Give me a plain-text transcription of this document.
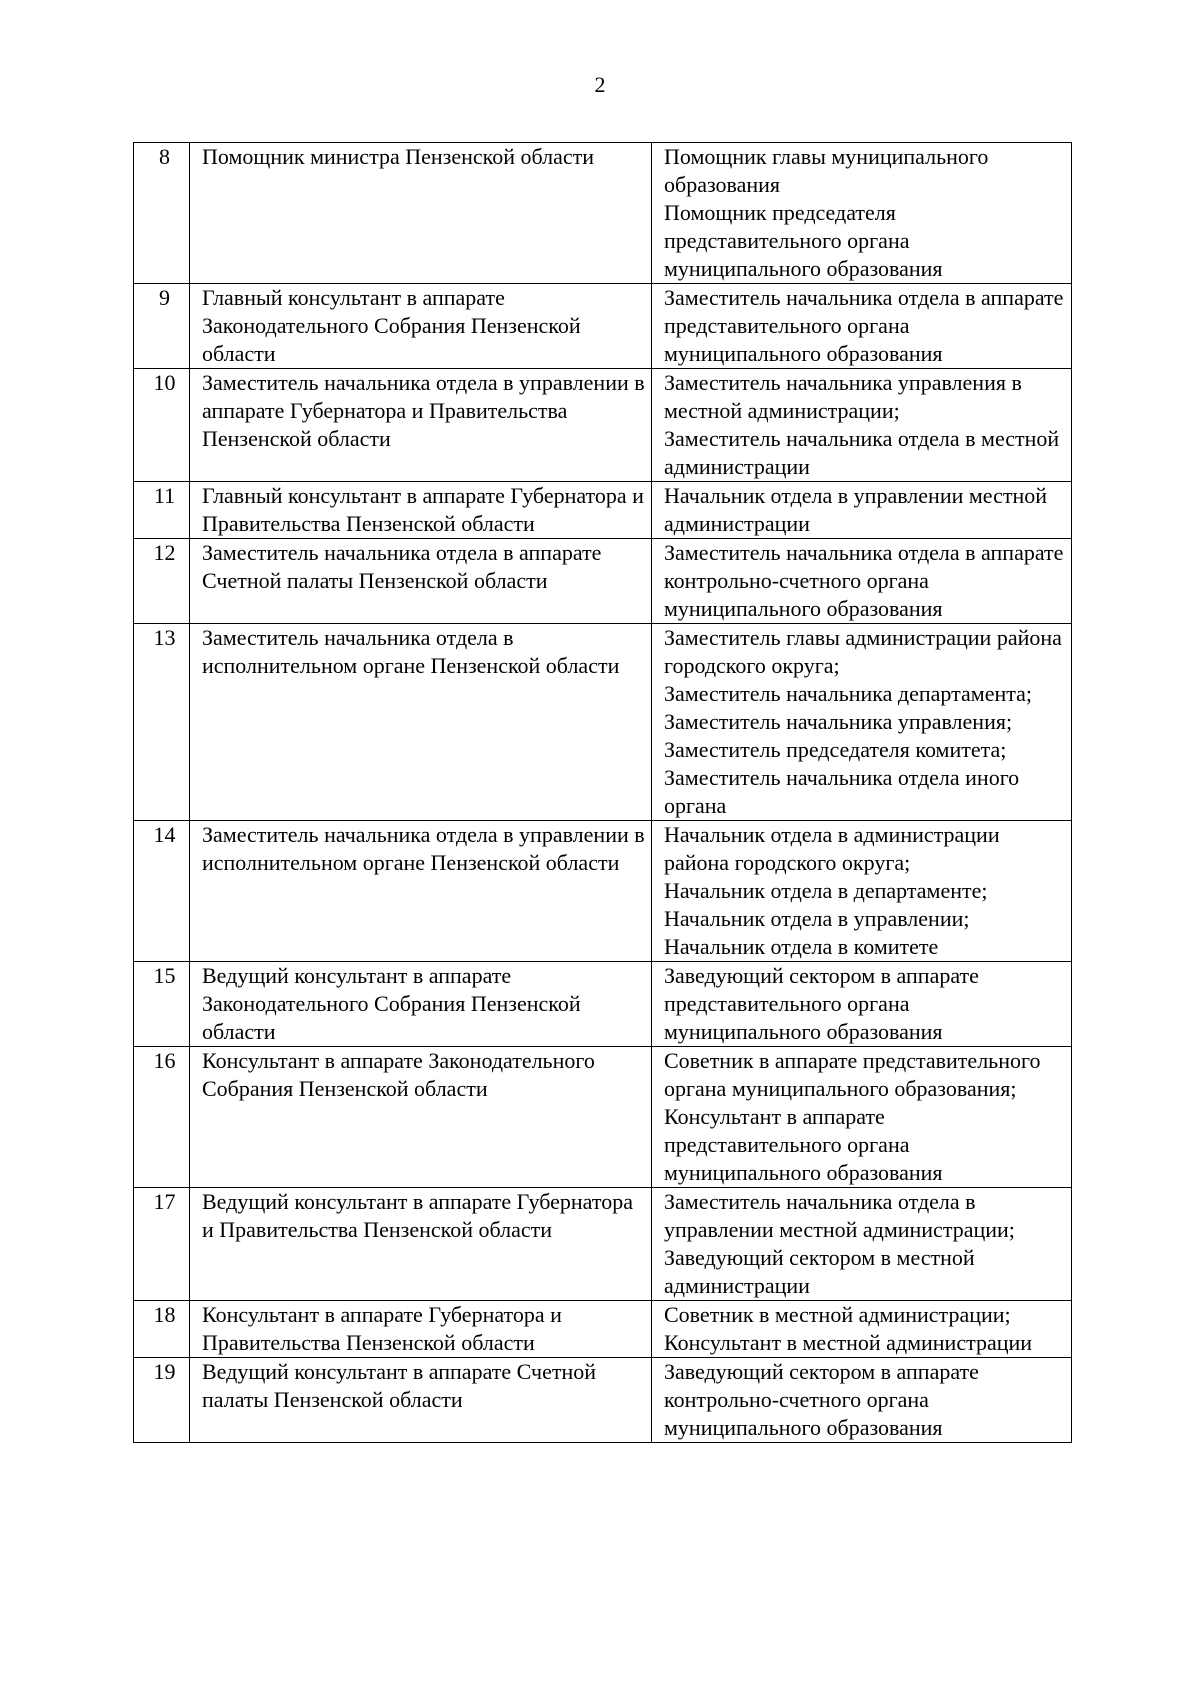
2
8	Помощник министра Пензенской области	Помощник главы муниципального образования
Помощник председателя представительного органа муниципального образования

9	Главный консультант в аппарате Законодательного Собрания Пензенской области	Заместитель начальника отдела в аппарате представительного органа муниципального образования

10	Заместитель начальника отдела в управлении в аппарате Губернатора и Правительства Пензенской области	Заместитель начальника управления в местной администрации;
Заместитель начальника отдела в местной администрации

11	Главный консультант в аппарате Губернатора и Правительства Пензенской области	Начальник отдела в управлении местной администрации

12	Заместитель начальника отдела в аппарате Счетной палаты Пензенской области	Заместитель начальника отдела в аппарате контрольно-счетного органа муниципального образования

13	Заместитель начальника отдела в исполнительном органе Пензенской области	Заместитель главы администрации района городского округа;
Заместитель начальника департамента;
Заместитель начальника управления;
Заместитель председателя комитета;
Заместитель начальника отдела иного органа

14	Заместитель начальника отдела в управлении в исполнительном органе Пензенской области	Начальник отдела в администрации района городского округа;
Начальник отдела в департаменте;
Начальник отдела в управлении;
Начальник отдела в комитете

15	Ведущий консультант в аппарате Законодательного Собрания Пензенской области	Заведующий сектором в аппарате представительного органа муниципального образования

16	Консультант в аппарате Законодательного Собрания Пензенской области	Советник в аппарате представительного органа муниципального образования;
Консультант в аппарате представительного органа муниципального образования

17	Ведущий консультант в аппарате Губернатора и Правительства Пензенской области	Заместитель начальника отдела в управлении местной администрации;
Заведующий сектором в местной администрации

18	Консультант в аппарате Губернатора и Правительства Пензенской области	Советник в местной администрации;
Консультант в местной администрации

19	Ведущий консультант в аппарате Счетной палаты Пензенской области	Заведующий сектором в аппарате контрольно-счетного органа муниципального образования
